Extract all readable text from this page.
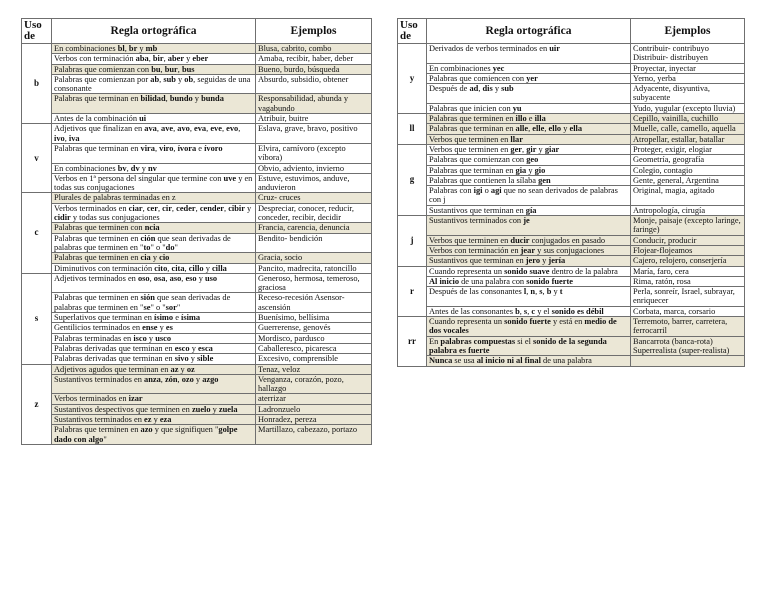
Uso de	Regla ortográfica	Ejemplos
b	En combinaciones bl, br y mb	Blusa, cabrito, combo
	Verbos con terminación aba, bir, aber y eber	Amaba, recibir, haber, deber
	Palabras que comienzan con bu, bur, bus	Bueno, burdo, búsqueda
	Palabras que comienzan por ab, sub y ob, seguidas de una consonante	Absurdo, subsidio, obtener
	Palabras que terminan en bilidad, bundo y bunda	Responsabilidad, abunda y vagabundo
	Antes de la combinación ui	Atribuir, buitre
v	Adjetivos que finalizan en ava, ave, avo, eva, eve, evo, ivo, iva	Eslava, grave, bravo, positivo
	Palabras que terminan en vira, viro, ívora e ívoro	Elvira, carnívoro (excepto víbora)
	En combinaciones bv, dv y nv	Obvio, adviento, invierno
	Verbos en 1ª persona del singular que termine con uve y en todas sus conjugaciones	Estuve, estuvimos, anduve, anduvieron
c	Plurales de palabras terminadas en z	Cruz- cruces
	Verbos terminados en ciar, cer, cir, ceder, cender, cibir y cidir y todas sus conjugaciones	Despreciar, conocer, reducir, conceder, recibir, decidir
	Palabras que terminen con ncia	Francia, carencia, denuncia
	Palabras que terminen en ción que sean derivadas de palabras que terminen en "to" o "do"	Bendito- bendición
	Palabras que terminen en cia y cio	Gracia, socio
	Diminutivos con terminación cito, cita, cillo y cilla	Pancito, madrecita, ratoncillo
s	Adjetivos terminados en oso, osa, aso, eso y uso	Generoso, hermosa, temeroso, graciosa
	Palabras que terminen en sión que sean derivadas de palabras que terminen en "se" o "sor"	Receso-recesión Asensor-ascensión
	Superlativos que terminan en ísimo e ísima	Buenísimo, bellísima
	Gentilicios terminados en ense y es	Guerrerense, genovés
	Palabras terminadas en isco y usco	Mordisco, pardusco
	Palabras derivadas que terminan en esco y esca	Caballeresco, picaresca
	Palabras derivadas que terminan en sivo y sible	Excesivo, comprensible
z	Adjetivos agudos que terminan en az y oz	Tenaz, veloz
	Sustantivos terminados en anza, zón, ozo y azgo	Venganza, corazón, pozo, hallazgo
	Verbos terminados en izar	aterrizar
	Sustantivos despectivos que terminen en zuelo y zuela	Ladronzuelo
	Sustantivos terminados en ez y eza	Honradez, pereza
	Palabras que terminen en azo y que signifiquen "golpe dado con algo"	Martillazo, cabezazo, portazo
Uso de	Regla ortográfica	Ejemplos
y	Derivados de verbos terminados en uir	Contribuir- contribuyo Distribuir- distribuyen
	En combinaciones yec	Proyectar, inyectar
	Palabras que comiencen con yer	Yerno, yerba
	Después de ad, dis y sub	Adyacente, disyuntiva, subyacente
	Palabras que inicien con yu	Yudo, yugular (excepto lluvia)
ll	Palabras que terminen en illo e illa	Cepillo, vainilla, cuchillo
	Palabras que terminan en alle, elle, ello y ella	Muelle, calle, camello, aquella
	Verbos que terminen en llar	Atropellar, estallar, batallar
g	Verbos que terminen en ger, gir y giar	Proteger, exigir, elogiar
	Palabras que comienzan con geo	Geometría, geografía
	Palabras que terminan en gia y gio	Colegio, contagio
	Palabras que contienen la sílaba gen	Gente, general, Argentina
	Palabras con igi o agi que no sean derivados de palabras con j	Original, magia, agitado
	Sustantivos que terminan en gía	Antropología, cirugía
j	Sustantivos terminados con je	Monje, paisaje (excepto laringe, faringe)
	Verbos que terminen en ducir conjugados en pasado	Conducir, producir
	Verbos con terminación en jear y sus conjugaciones	Flojear-flojeamos
	Sustantivos que terminan en jero y jería	Cajero, relojero, conserjería
r	Cuando representa un sonido suave dentro de la palabra	María, faro, cera
	Al inicio de una palabra con sonido fuerte	Rima, ratón, rosa
	Después de las consonantes l, n, s, b y t	Perla, sonreír, Israel, subrayar, enriquecer
	Antes de las consonantes b, s, c y el sonido es débil	Corbata, marca, corsario
rr	Cuando representa un sonido fuerte y está en medio de dos vocales	Terremoto, barrer, carretera, ferrocarril
	En palabras compuestas si el sonido de la segunda palabra es fuerte	Bancarrota (banca-rota) Superrealista (super-realista)
	Nunca se usa al inicio ni al final de una palabra	
